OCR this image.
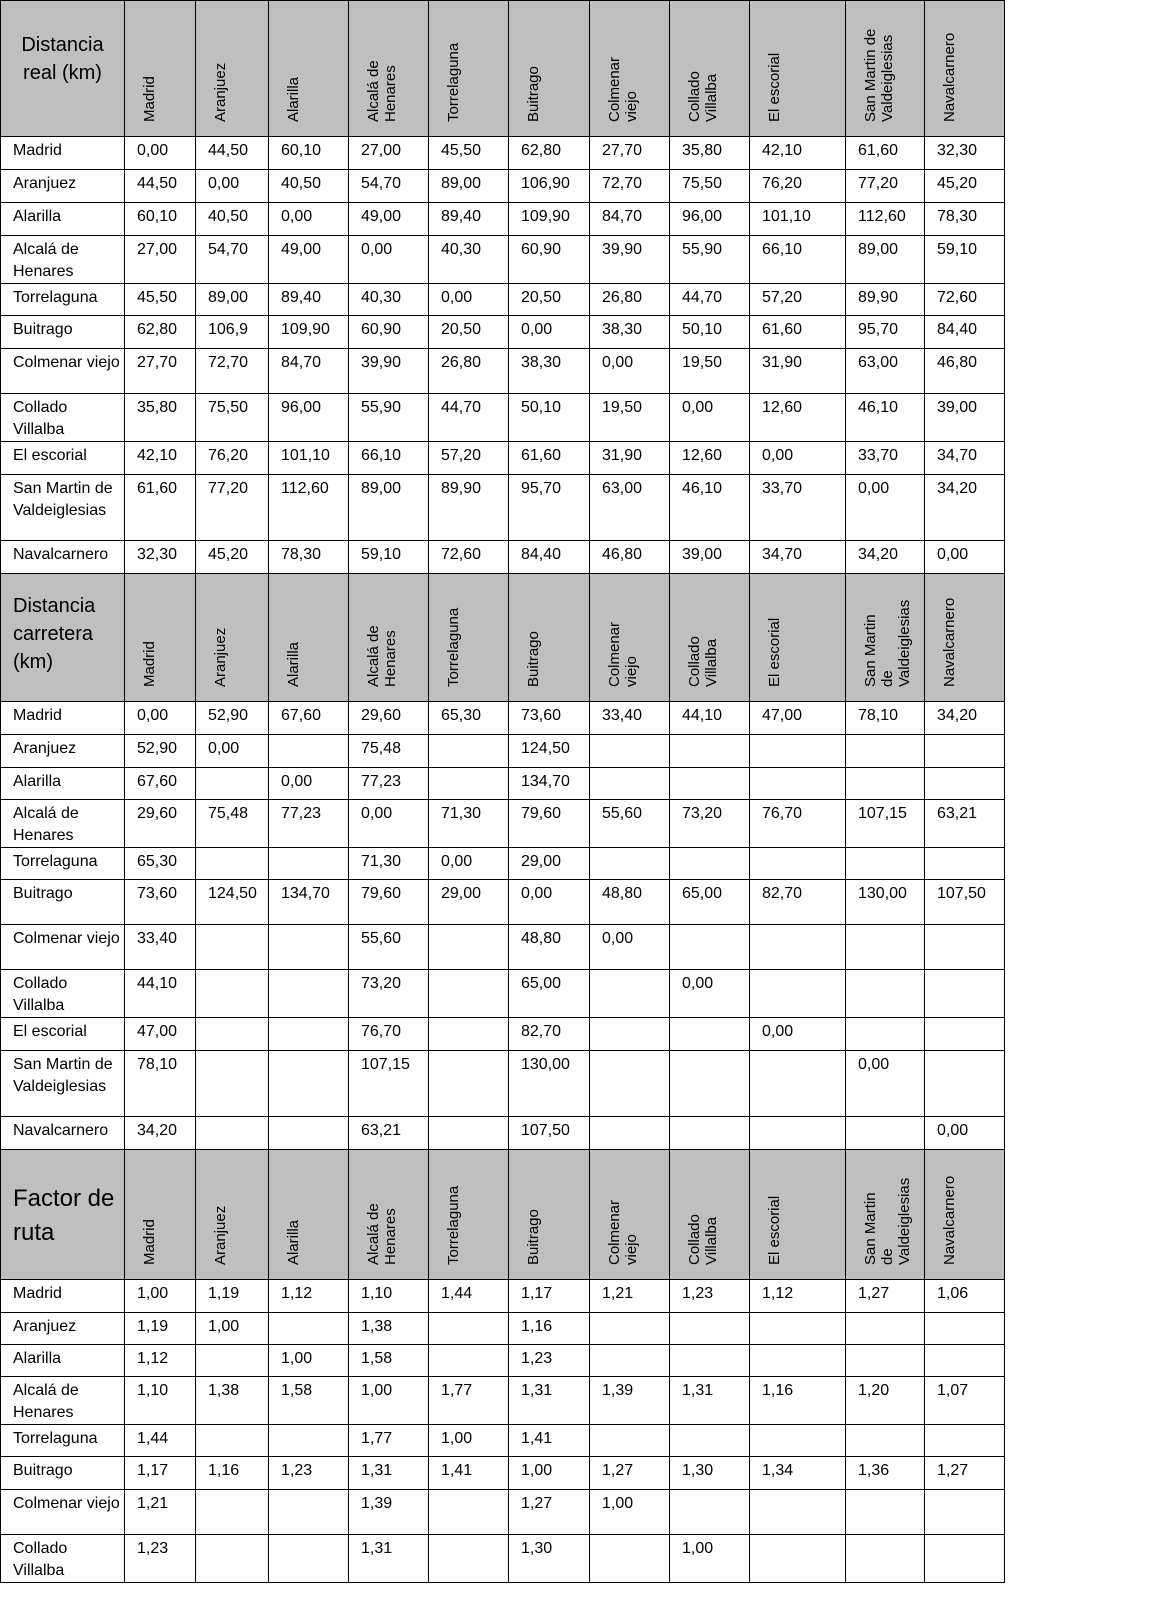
Distancia real (km)	Madrid	Aranjuez	Alarilla	Alcalá de Henares	Torrelaguna	Buitrago	Colmenar viejo	Collado Villalba	El escorial	San Martin de Valdeiglesias	Navalcarnero

Madrid	0,00	44,50	60,10	27,00	45,50	62,80	27,70	35,80	42,10	61,60	32,30
Aranjuez	44,50	0,00	40,50	54,70	89,00	106,90	72,70	75,50	76,20	77,20	45,20
Alarilla	60,10	40,50	0,00	49,00	89,40	109,90	84,70	96,00	101,10	112,60	78,30
Alcalá de Henares	27,00	54,70	49,00	0,00	40,30	60,90	39,90	55,90	66,10	89,00	59,10
Torrelaguna	45,50	89,00	89,40	40,30	0,00	20,50	26,80	44,70	57,20	89,90	72,60
Buitrago	62,80	106,9	109,90	60,90	20,50	0,00	38,30	50,10	61,60	95,70	84,40
Colmenar viejo	27,70	72,70	84,70	39,90	26,80	38,30	0,00	19,50	31,90	63,00	46,80
Collado Villalba	35,80	75,50	96,00	55,90	44,70	50,10	19,50	0,00	12,60	46,10	39,00
El escorial	42,10	76,20	101,10	66,10	57,20	61,60	31,90	12,60	0,00	33,70	34,70
San Martin de Valdeiglesias	61,60	77,20	112,60	89,00	89,90	95,70	63,00	46,10	33,70	0,00	34,20
Navalcarnero	32,30	45,20	78,30	59,10	72,60	84,40	46,80	39,00	34,70	34,20	0,00
Distancia carretera (km)	Madrid	Aranjuez	Alarilla	Alcalá de Henares	Torrelaguna	Buitrago	Colmenar viejo	Collado Villalba	El escorial	San Martin de Valdeiglesias	Navalcarnero

Madrid	0,00	52,90	67,60	29,60	65,30	73,60	33,40	44,10	47,00	78,10	34,20
Aranjuez	52,90	0,00		75,48		124,50					
Alarilla	67,60		0,00	77,23		134,70					
Alcalá de Henares	29,60	75,48	77,23	0,00	71,30	79,60	55,60	73,20	76,70	107,15	63,21
Torrelaguna	65,30			71,30	0,00	29,00					
Buitrago	73,60	124,50	134,70	79,60	29,00	0,00	48,80	65,00	82,70	130,00	107,50
Colmenar viejo	33,40			55,60		48,80	0,00				
Collado Villalba	44,10			73,20		65,00		0,00			
El escorial	47,00			76,70		82,70			0,00		
San Martin de Valdeiglesias	78,10			107,15		130,00				0,00	
Navalcarnero	34,20			63,21		107,50					0,00
Factor de ruta	Madrid	Aranjuez	Alarilla	Alcalá de Henares	Torrelaguna	Buitrago	Colmenar viejo	Collado Villalba	El escorial	San Martin de Valdeiglesias	Navalcarnero

Madrid	1,00	1,19	1,12	1,10	1,44	1,17	1,21	1,23	1,12	1,27	1,06
Aranjuez	1,19	1,00		1,38		1,16					
Alarilla	1,12		1,00	1,58		1,23					
Alcalá de Henares	1,10	1,38	1,58	1,00	1,77	1,31	1,39	1,31	1,16	1,20	1,07
Torrelaguna	1,44			1,77	1,00	1,41					
Buitrago	1,17	1,16	1,23	1,31	1,41	1,00	1,27	1,30	1,34	1,36	1,27
Colmenar viejo	1,21			1,39		1,27	1,00				
Collado Villalba	1,23			1,31		1,30		1,00			
